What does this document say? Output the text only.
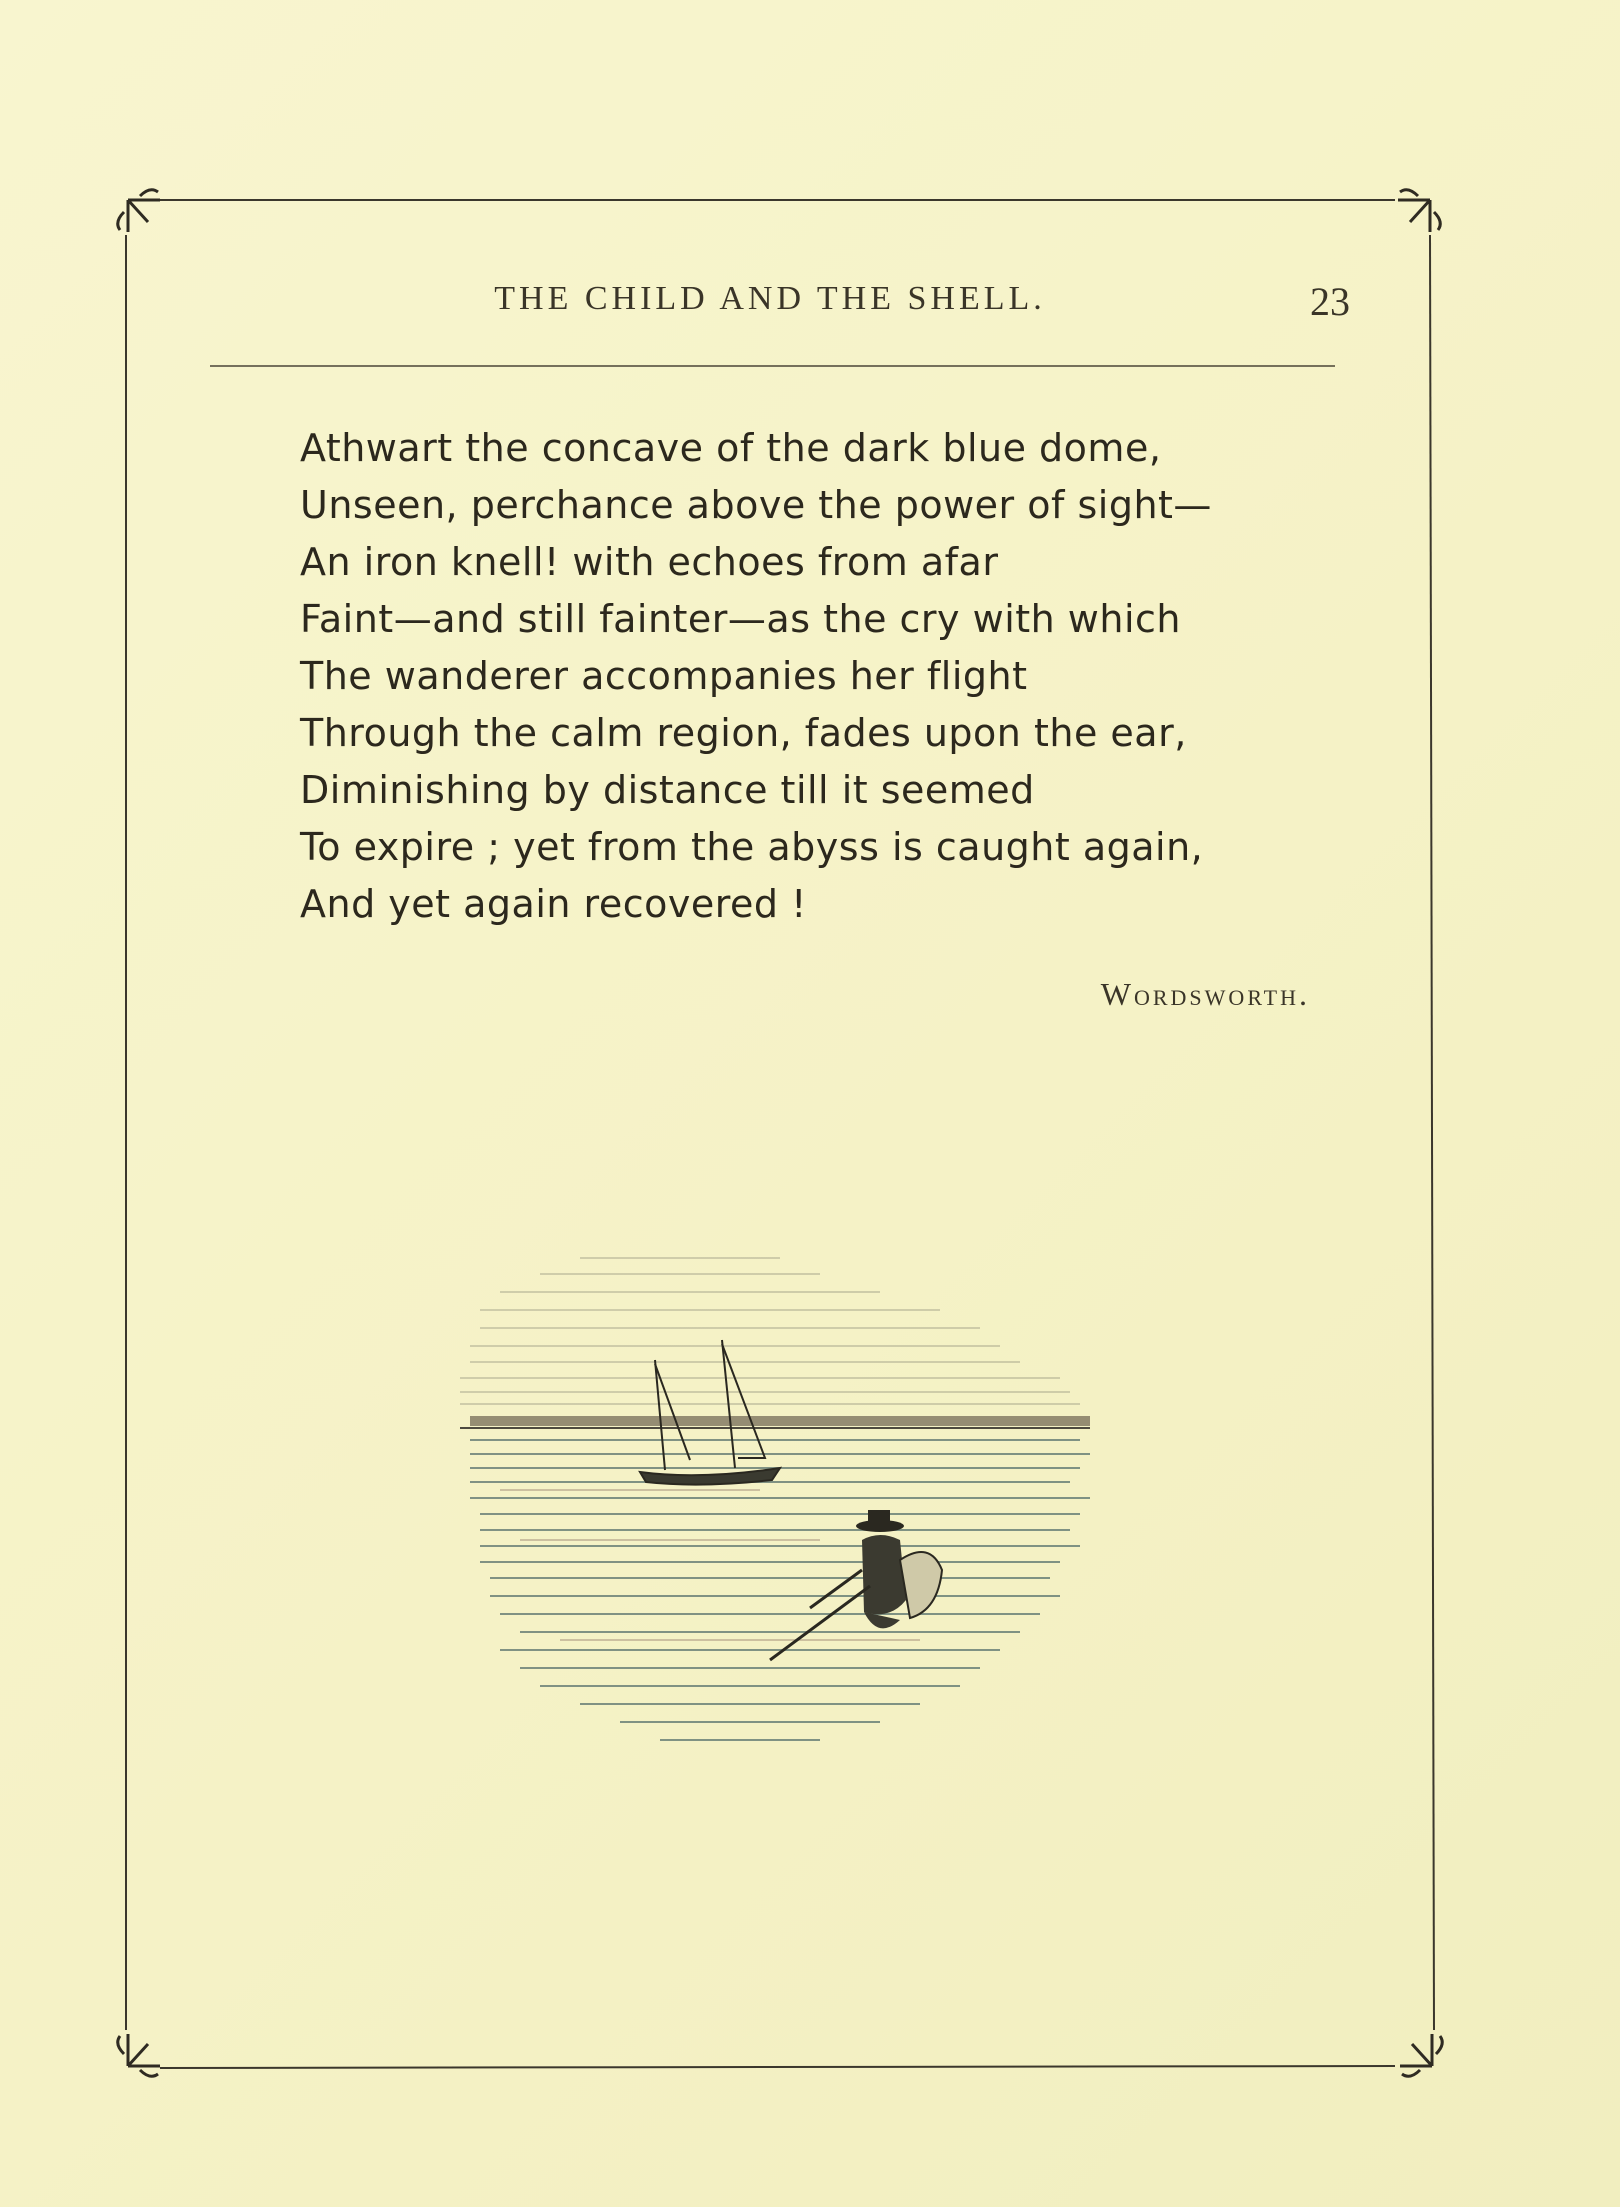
THE CHILD AND THE SHELL.	23
Athwart the concave of the dark blue dome,
Unseen, perchance above the power of sight—
An iron knell! with echoes from afar
Faint—and still fainter—as the cry with which
The wanderer accompanies her flight
Through the calm region, fades upon the ear,
Diminishing by distance till it seemed
To expire ; yet from the abyss is caught again,
And yet again recovered !
Wordsworth.
